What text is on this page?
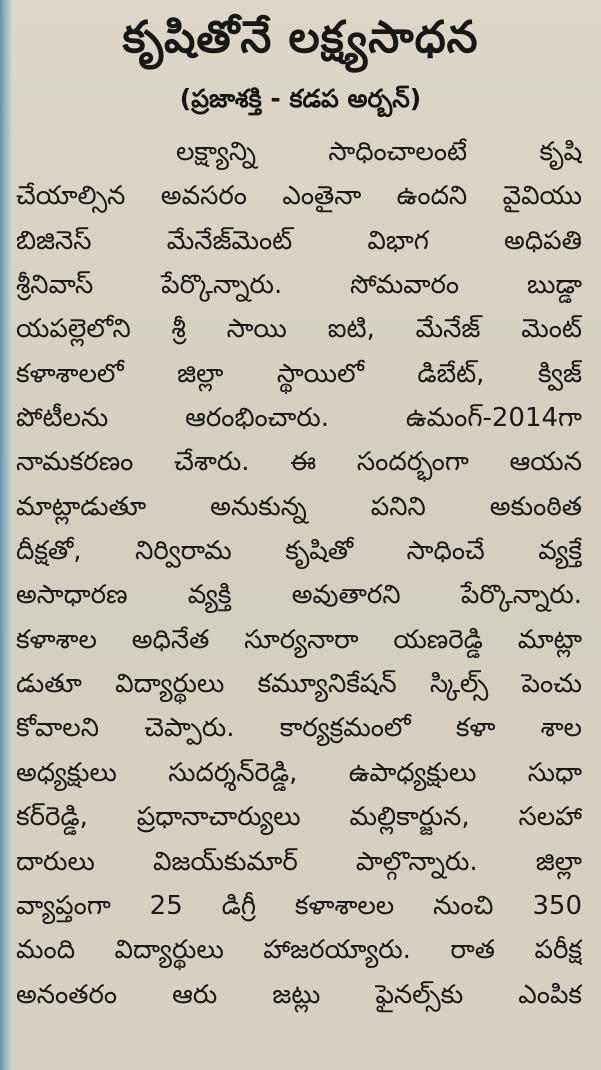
కృషితోనే లక్ష్యసాధన
(ప్రజాశక్తి - కడప అర్బన్)
లక్ష్యాన్ని సాధించాలంటే కృషి
చేయాల్సిన అవసరం ఎంతైనా ఉందని వైవియు
బిజినెస్ మేనేజ్‌మెంట్ విభాగ అధిపతి
శ్రీనివాస్ పేర్కొన్నారు. సోమవారం బుడ్డా
యపల్లెలోని శ్రీ సాయి ఐటి, మేనేజ్ మెంట్
కళాశాలలో జిల్లా స్థాయిలో డిబేట్, క్విజ్
పోటీలను ఆరంభించారు. ఉమంగ్-2014గా
నామకరణం చేశారు. ఈ సందర్భంగా ఆయన
మాట్లాడుతూ అనుకున్న పనిని అకుంఠిత
దీక్షతో, నిర్విరామ కృషితో సాధించే వ్యక్తే
అసాధారణ వ్యక్తి అవుతారని పేర్కొన్నారు.
కళాశాల అధినేత సూర్యనారా యణరెడ్డి మాట్లా
డుతూ విద్యార్థులు కమ్యూనికేషన్ స్కిల్స్ పెంచు
కోవాలని చెప్పారు. కార్యక్రమంలో కళా శాల
అధ్యక్షులు సుదర్శన్‌రెడ్డి, ఉపాధ్యక్షులు సుధా
కర్‌రెడ్డి, ప్రధానాచార్యులు మల్లికార్జున, సలహా
దారులు విజయ్‌కుమార్ పాల్గొన్నారు. జిల్లా
వ్యాప్తంగా 25 డిగ్రీ కళాశాలల నుంచి 350
మంది విద్యార్థులు హాజరయ్యారు. రాత పరీక్ష
అనంతరం ఆరు జట్లు ఫైనల్స్‌కు ఎంపిక
